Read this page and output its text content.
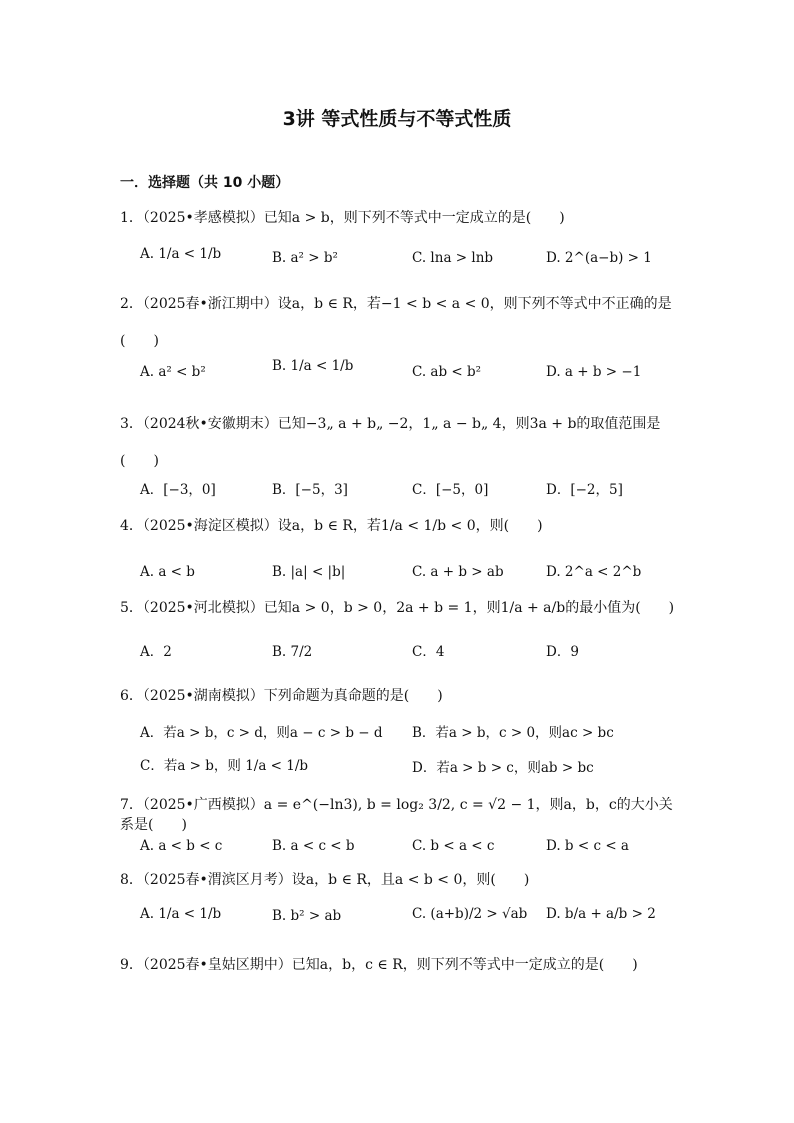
3讲 等式性质与不等式性质
一．选择题（共 10 小题）
1．（2025•孝感模拟）已知a > b，则下列不等式中一定成立的是(　　)
A. 1/a < 1/b	B. a² > b²	C. lna > lnb	D. 2^(a−b) > 1
2．（2025春•浙江期中）设a，b ∈ R，若−1 < b < a < 0，则下列不等式中不正确的是(　　)
A. a² < b²	B. 1/a < 1/b	C. ab < b²	D. a + b > −1
3．（2024秋•安徽期末）已知−3„ a + b„ −2，1„ a − b„ 4，则3a + b的取值范围是(　　)
A．[−3，0]	B．[−5，3]	C．[−5，0]	D．[−2，5]
4．（2025•海淀区模拟）设a，b ∈ R，若1/a < 1/b < 0，则(　　)
A. a < b	B. |a| < |b|	C. a + b > ab	D. 2^a < 2^b
5．（2025•河北模拟）已知a > 0，b > 0，2a + b = 1，则1/a + a/b的最小值为(　　)
A．2	B. 7/2	C．4	D．9
6．（2025•湖南模拟）下列命题为真命题的是(　　)
A．若a > b，c > d，则a − c > b − d B．若a > b，c > 0，则ac > bc
C．若a > b，则 1/a < 1/b	D．若a > b > c，则ab > bc
7．（2025•广西模拟）a = e^(−ln3), b = log₂ 3/2, c = √2 − 1，则a，b，c的大小关系是(　　)
A. a < b < c	B. a < c < b	C. b < a < c	D. b < c < a
8．（2025春•渭滨区月考）设a，b ∈ R，且a < b < 0，则(　　)
A. 1/a < 1/b	B. b² > ab	C. (a+b)/2 > √ab D. b/a + a/b > 2
9．（2025春•皇姑区期中）已知a，b，c ∈ R，则下列不等式中一定成立的是(　　)
